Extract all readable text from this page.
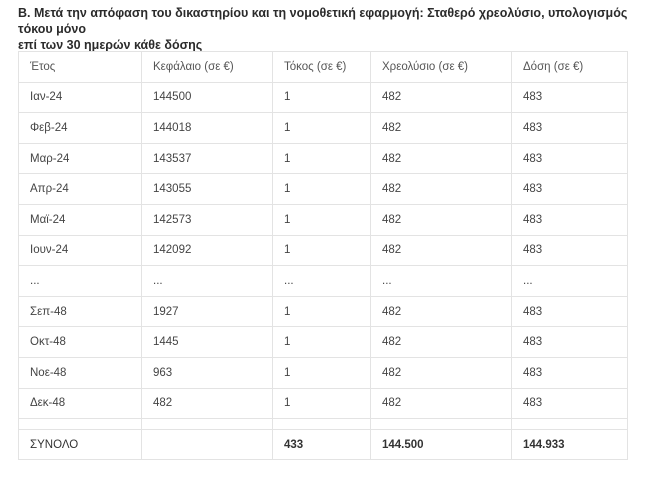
Β. Μετά την απόφαση του δικαστηρίου και τη νομοθετική εφαρμογή: Σταθερό χρεολύσιο, υπολογισμός τόκου μόνο
επί των 30 ημερών κάθε δόσης

Έτος	Κεφάλαιο (σε €)	Τόκος (σε €)	Χρεολύσιο (σε €)	Δόση (σε €)
Ιαν-24	144500	1	482	483
Φεβ-24	144018	1	482	483
Μαρ-24	143537	1	482	483
Απρ-24	143055	1	482	483
Μαϊ-24	142573	1	482	483
Ιουν-24	142092	1	482	483
...	...	...	...	...
Σεπ-48	1927	1	482	483
Οκτ-48	1445	1	482	483
Νοε-48	963	1	482	483
Δεκ-48	482	1	482	483

ΣΥΝΟΛΟ		433	144.500	144.933
